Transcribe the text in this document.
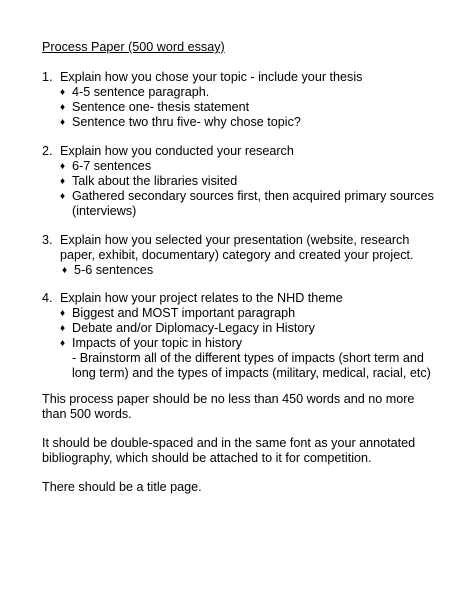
Process Paper (500 word essay)
1. Explain how you chose your topic - include your thesis
♦ 4-5 sentence paragraph.
♦ Sentence one- thesis statement
♦ Sentence two thru five- why chose topic?
2. Explain how you conducted your research
♦ 6-7 sentences
♦ Talk about the libraries visited
♦ Gathered secondary sources first, then acquired primary sources
(interviews)
3. Explain how you selected your presentation (website, research
paper, exhibit, documentary) category and created your project.
♦ 5-6 sentences
4. Explain how your project relates to the NHD theme
♦ Biggest and MOST important paragraph
♦ Debate and/or Diplomacy-Legacy in History
♦ Impacts of your topic in history
- Brainstorm all of the different types of impacts (short term and
long term) and the types of impacts (military, medical, racial, etc)
This process paper should be no less than 450 words and no more
than 500 words.
It should be double-spaced and in the same font as your annotated
bibliography, which should be attached to it for competition.
There should be a title page.
